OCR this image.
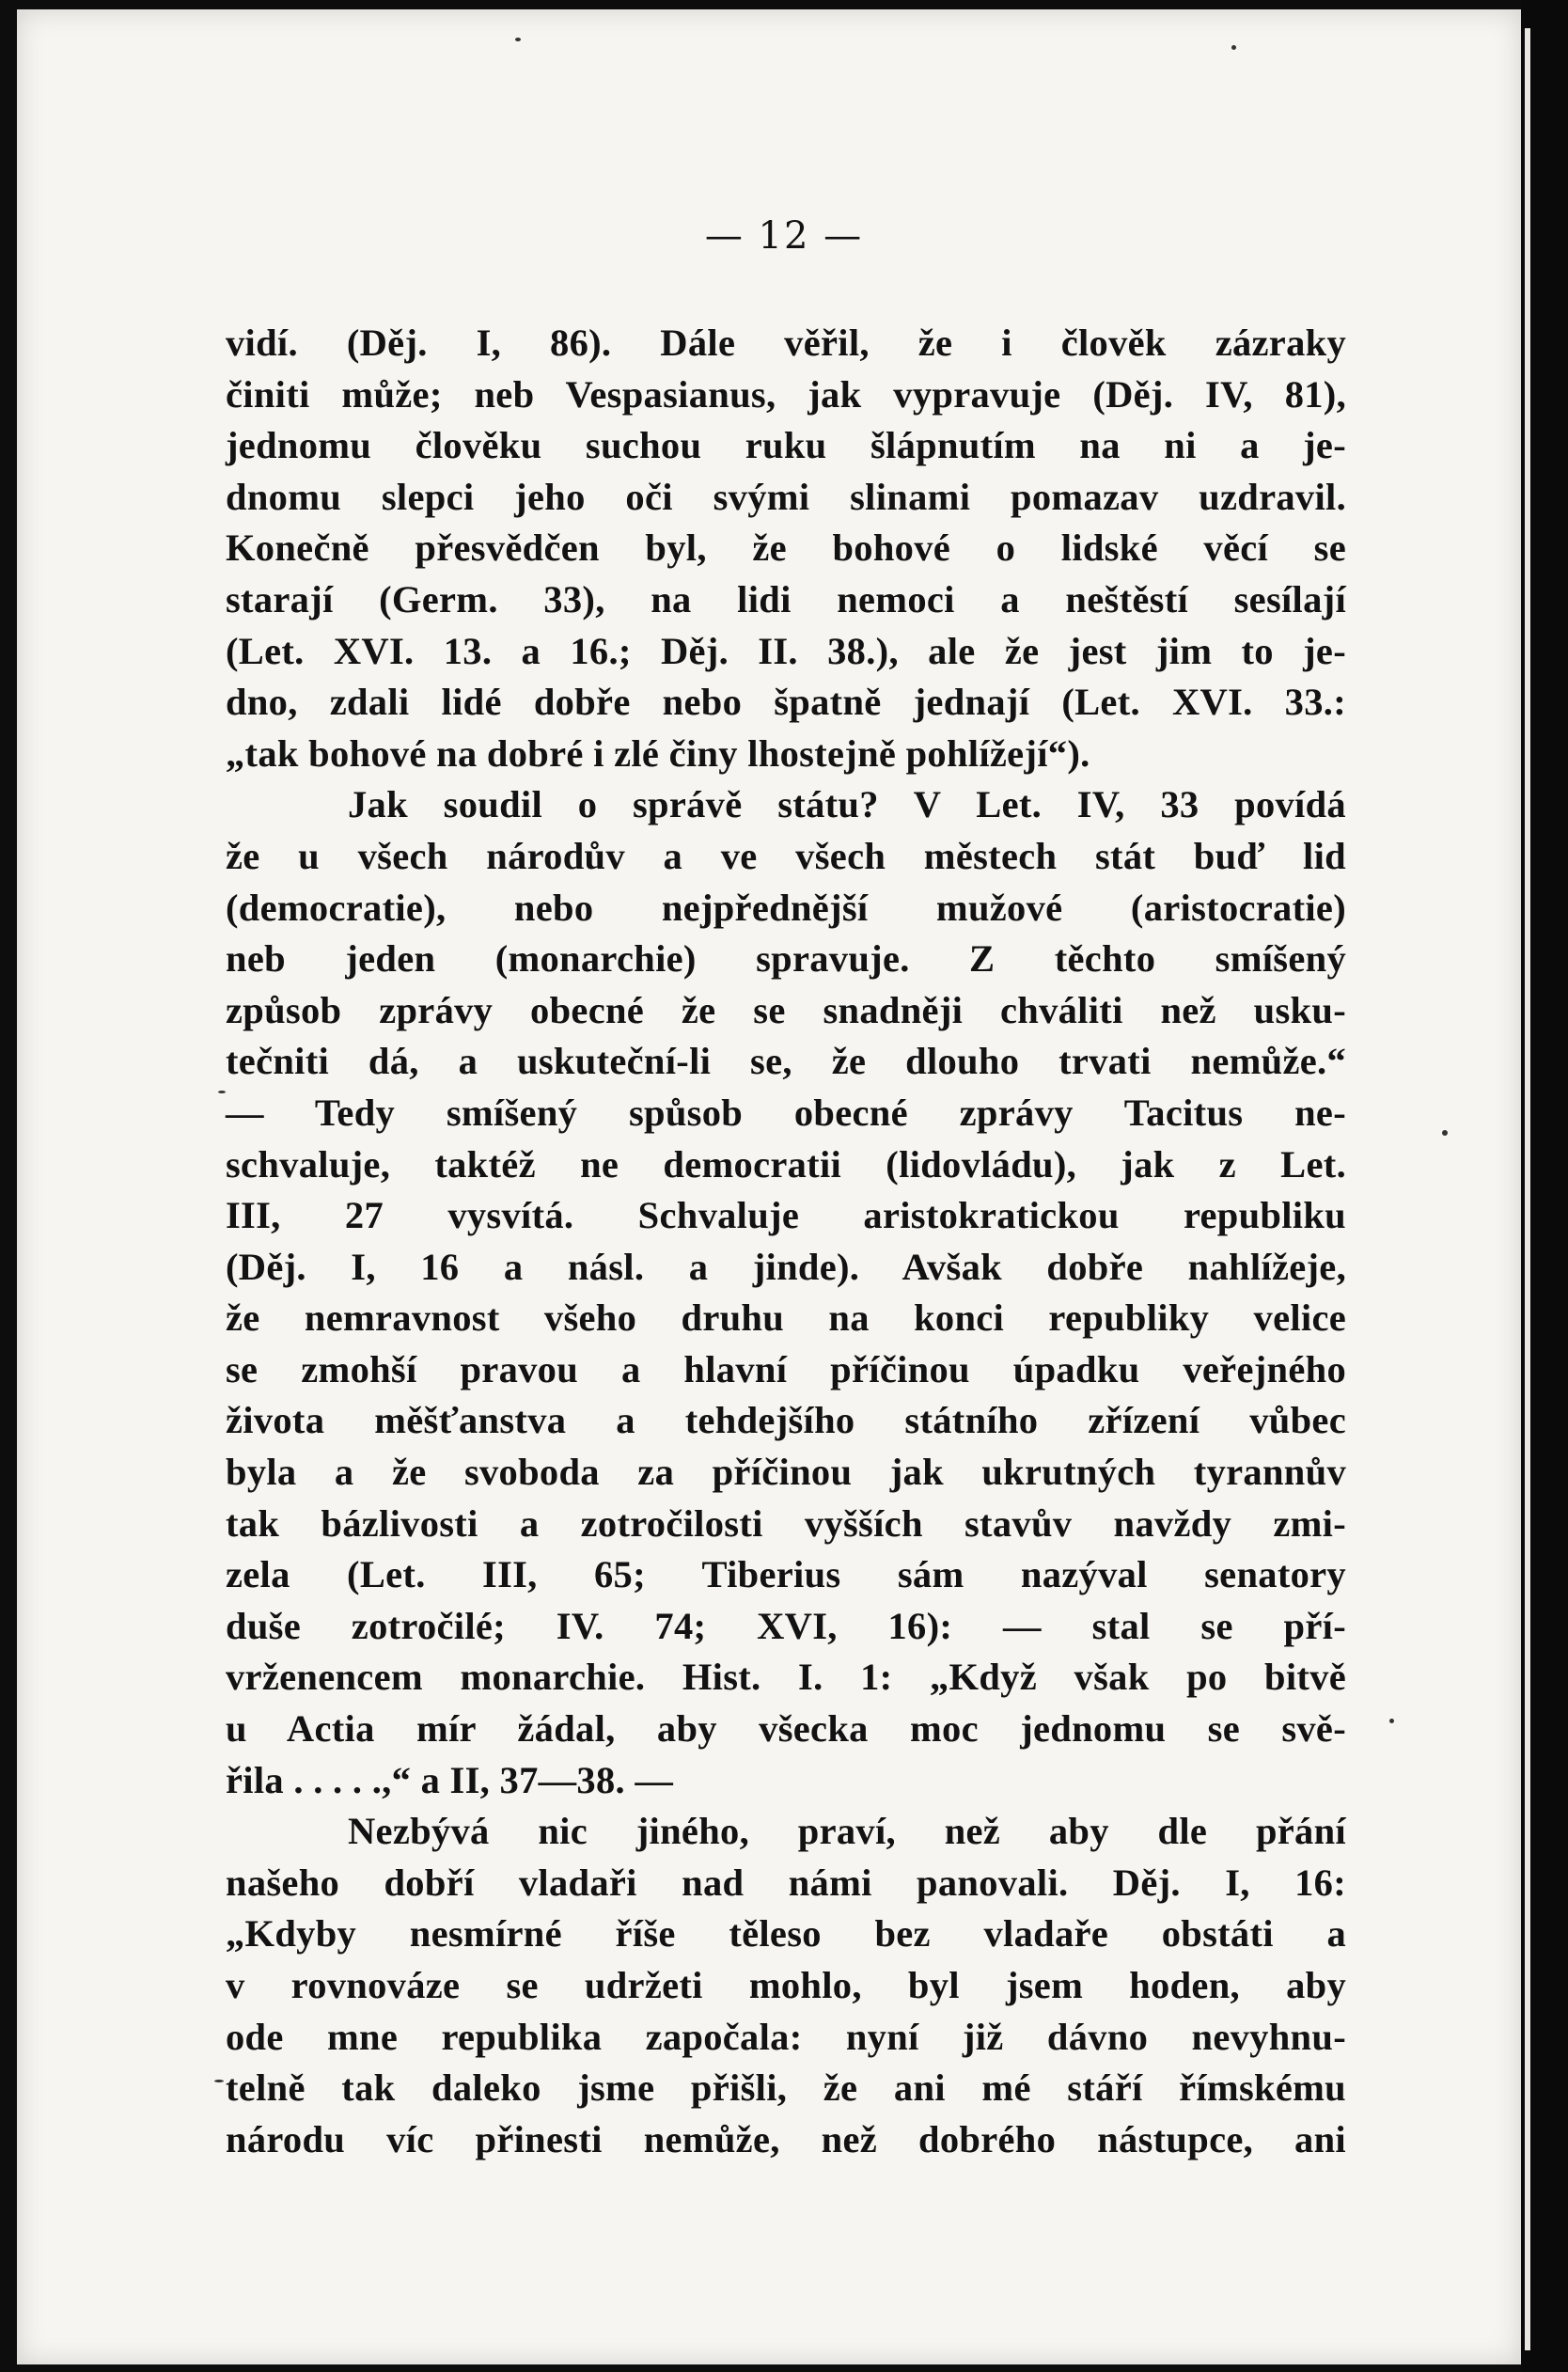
— 12 —
vidí. (Děj. I, 86). Dále věřil, že i člověk zázraky
činiti může; neb Vespasianus, jak vypravuje (Děj. IV, 81),
jednomu člověku suchou ruku šlápnutím na ni a je-
dnomu slepci jeho oči svými slinami pomazav uzdravil.
Konečně přesvědčen byl, že bohové o lidské věcí se
starají (Germ. 33), na lidi nemoci a neštěstí sesílají
(Let. XVI. 13. a 16.; Děj. II. 38.), ale že jest jim to je-
dno, zdali lidé dobře nebo špatně jednají (Let. XVI. 33.:
„tak bohové na dobré i zlé činy lhostejně pohlížejí“).
Jak soudil o správě státu? V Let. IV, 33 povídá
že u všech národův a ve všech městech stát buď lid
(democratie), nebo nejpřednější mužové (aristocratie)
neb jeden (monarchie) spravuje. Z těchto smíšený
způsob zprávy obecné že se snadněji chváliti než usku-
tečniti dá, a uskuteční-li se, že dlouho trvati nemůže.“
— Tedy smíšený spůsob obecné zprávy Tacitus ne-
schvaluje, taktéž ne democratii (lidovládu), jak z Let.
III, 27 vysvítá. Schvaluje aristokratickou republiku
(Děj. I, 16 a násl. a jinde). Avšak dobře nahlížeje,
že nemravnost všeho druhu na konci republiky velice
se zmohší pravou a hlavní příčinou úpadku veřejného
života měšťanstva a tehdejšího státního zřízení vůbec
byla a že svoboda za příčinou jak ukrutných tyrannův
tak bázlivosti a zotročilosti vyšších stavův navždy zmi-
zela (Let. III, 65; Tiberius sám nazýval senatory
duše zotročilé; IV. 74; XVI, 16): — stal se pří-
vrženencem monarchie. Hist. I. 1: „Když však po bitvě
u Actia mír žádal, aby všecka moc jednomu se svě-
řila . . . . .,“ a II, 37—38. —
Nezbývá nic jiného, praví, než aby dle přání
našeho dobří vladaři nad námi panovali. Děj. I, 16:
„Kdyby nesmírné říše těleso bez vladaře obstáti a
v rovnováze se udržeti mohlo, byl jsem hoden, aby
ode mne republika započala: nyní již dávno nevyhnu-
telně tak daleko jsme přišli, že ani mé stáří římskému
národu víc přinesti nemůže, než dobrého nástupce, ani
